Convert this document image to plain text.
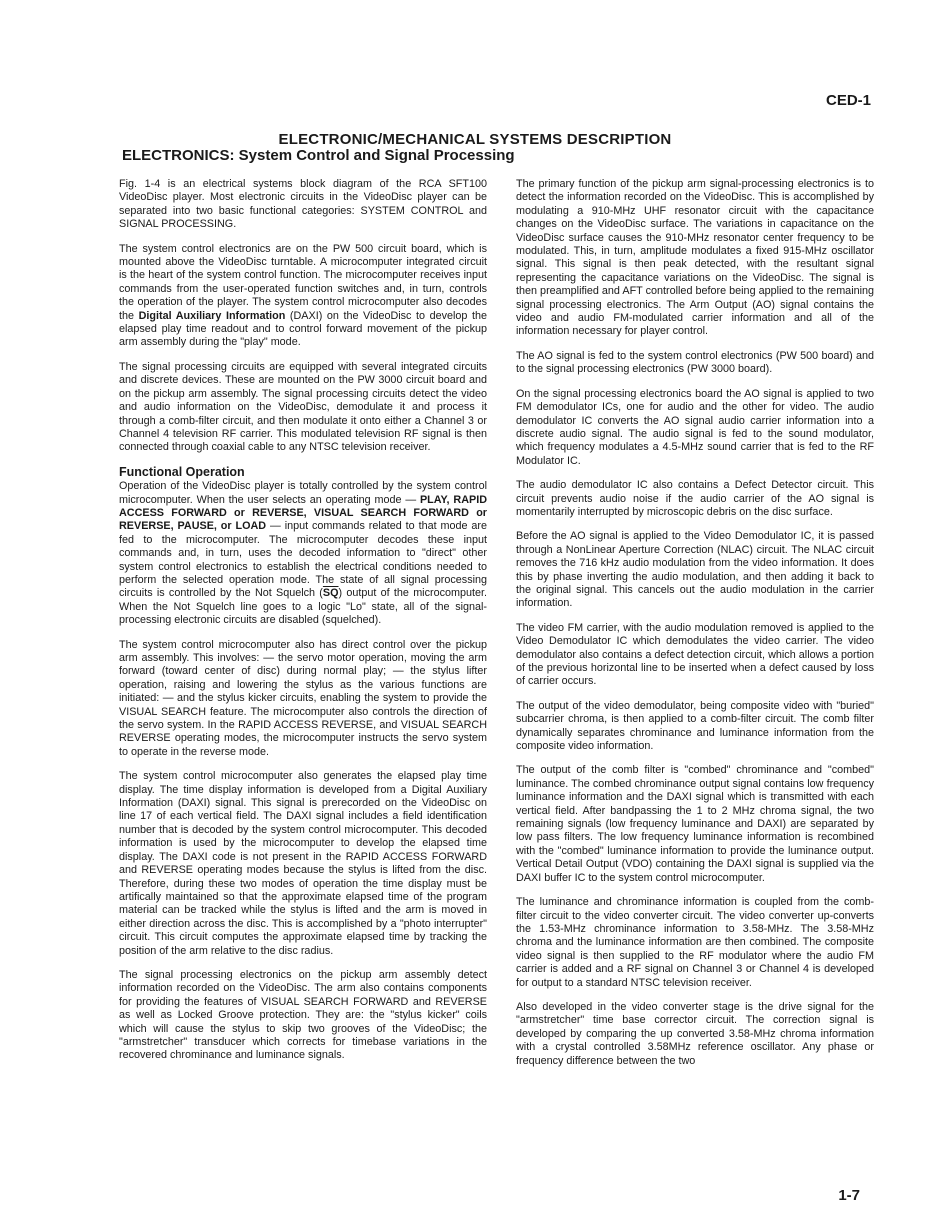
CED-1
ELECTRONIC/MECHANICAL SYSTEMS DESCRIPTION
ELECTRONICS: System Control and Signal Processing

Fig. 1-4 is an electrical systems block diagram of the RCA SFT100 VideoDisc player. Most electronic circuits in the VideoDisc player can be separated into two basic functional categories: SYSTEM CONTROL and SIGNAL PROCESSING.

The system control electronics are on the PW 500 circuit board, which is mounted above the VideoDisc turntable. A microcomputer integrated circuit is the heart of the system control function. The microcomputer receives input commands from the user-operated function switches and, in turn, controls the operation of the player. The system control microcomputer also decodes the Digital Auxiliary Information (DAXI) on the VideoDisc to develop the elapsed play time readout and to control forward movement of the pickup arm assembly during the "play" mode.

The signal processing circuits are equipped with several integrated circuits and discrete devices. These are mounted on the PW 3000 circuit board and on the pickup arm assembly. The signal processing circuits detect the video and audio information on the VideoDisc, demodulate it and process it through a comb-filter circuit, and then modulate it onto either a Channel 3 or Channel 4 television RF carrier. This modulated television RF signal is then connected through coaxial cable to any NTSC television receiver.

Functional Operation

Operation of the VideoDisc player is totally controlled by the system control microcomputer. When the user selects an operating mode — PLAY, RAPID ACCESS FORWARD or REVERSE, VISUAL SEARCH FORWARD or REVERSE, PAUSE, or LOAD — input commands related to that mode are fed to the microcomputer. The microcomputer decodes these input commands and, in turn, uses the decoded information to "direct" other system control electronics to establish the electrical conditions needed to perform the selected operation mode. The state of all signal processing circuits is controlled by the Not Squelch $(\overline{SQ})$ output of the microcomputer. When the Not Squelch line goes to a logic "Lo" state, all of the signal-processing electronic circuits are disabled (squelched).

The system control microcomputer also has direct control over the pickup arm assembly. This involves: — the servo motor operation, moving the arm forward (toward center of disc) during normal play; — the stylus lifter operation, raising and lowering the stylus as the various functions are initiated: — and the stylus kicker circuits, enabling the system to provide the VISUAL SEARCH feature. The microcomputer also controls the direction of the servo system. In the RAPID ACCESS REVERSE, and VISUAL SEARCH REVERSE operating modes, the microcomputer instructs the servo system to operate in the reverse mode.

The system control microcomputer also generates the elapsed play time display. The time display information is developed from a Digital Auxiliary Information (DAXI) signal. This signal is prerecorded on the VideoDisc on line 17 of each vertical field. The DAXI signal includes a field identification number that is decoded by the system control microcomputer. This decoded information is used by the microcomputer to develop the elapsed time display. The DAXI code is not present in the RAPID ACCESS FORWARD and REVERSE operating modes because the stylus is lifted from the disc. Therefore, during these two modes of operation the time display must be artifically maintained so that the approximate elapsed time of the program material can be tracked while the stylus is lifted and the arm is moved in either direction across the disc. This is accomplished by a "photo interrupter" circuit. This circuit computes the approximate elapsed time by tracking the position of the arm relative to the disc radius.

The signal processing electronics on the pickup arm assembly detect information recorded on the VideoDisc. The arm also contains components for providing the features of VISUAL SEARCH FORWARD and REVERSE as well as Locked Groove protection. They are: the "stylus kicker" coils which will cause the stylus to skip two grooves of the VideoDisc; the "armstretcher" transducer which corrects for timebase variations in the recovered chrominance and luminance signals.

The primary function of the pickup arm signal-processing electronics is to detect the information recorded on the VideoDisc. This is accomplished by modulating a 910-MHz UHF resonator circuit with the capacitance changes on the VideoDisc surface. The variations in capacitance on the VideoDisc surface causes the 910-MHz resonator center frequency to be modulated. This, in turn, amplitude modulates a fixed 915-MHz oscillator signal. This signal is then peak detected, with the resultant signal representing the capacitance variations on the VideoDisc. The signal is then preamplified and AFT controlled before being applied to the remaining signal processing electronics. The Arm Output (AO) signal contains the video and audio FM-modulated carrier information and all of the information necessary for player control.

The AO signal is fed to the system control electronics (PW 500 board) and to the signal processing electronics (PW 3000 board).

On the signal processing electronics board the AO signal is applied to two FM demodulator ICs, one for audio and the other for video. The audio demodulator IC converts the AO signal audio carrier information into a discrete audio signal. The audio signal is fed to the sound modulator, which frequency modulates a 4.5-MHz sound carrier that is fed to the RF Modulator IC.

The audio demodulator IC also contains a Defect Detector circuit. This circuit prevents audio noise if the audio carrier of the AO signal is momentarily interrupted by microscopic debris on the disc surface.

Before the AO signal is applied to the Video Demodulator IC, it is passed through a NonLinear Aperture Correction (NLAC) circuit. The NLAC circuit removes the 716 kHz audio modulation from the video information. It does this by phase inverting the audio modulation, and then adding it back to the original signal. This cancels out the audio modulation in the carrier information.

The video FM carrier, with the audio modulation removed is applied to the Video Demodulator IC which demodulates the video carrier. The video demodulator also contains a defect detection circuit, which allows a portion of the previous horizontal line to be inserted when a defect caused by loss of carrier occurs.

The output of the video demodulator, being composite video with "buried" subcarrier chroma, is then applied to a comb-filter circuit. The comb filter dynamically separates chrominance and luminance information from the composite video information.

The output of the comb filter is "combed" chrominance and "combed" luminance. The combed chrominance output signal contains low frequency luminance information and the DAXI signal which is transmitted with each vertical field. After bandpassing the 1 to 2 MHz chroma signal, the two remaining signals (low frequency luminance and DAXI) are separated by low pass filters. The low frequency luminance information is recombined with the "combed" luminance information to provide the luminance output. Vertical Detail Output (VDO) containing the DAXI signal is supplied via the DAXI buffer IC to the system control microcomputer.

The luminance and chrominance information is coupled from the comb-filter circuit to the video converter circuit. The video converter up-converts the 1.53-MHz chrominance information to 3.58-MHz. The 3.58-MHz chroma and the luminance information are then combined. The composite video signal is then supplied to the RF modulator where the audio FM carrier is added and a RF signal on Channel 3 or Channel 4 is developed for output to a standard NTSC television receiver.

Also developed in the video converter stage is the drive signal for the "armstretcher" time base corrector circuit. The correction signal is developed by comparing the up converted 3.58-MHz chroma information with a crystal controlled 3.58MHz reference oscillator. Any phase or frequency difference between the two

1-7
